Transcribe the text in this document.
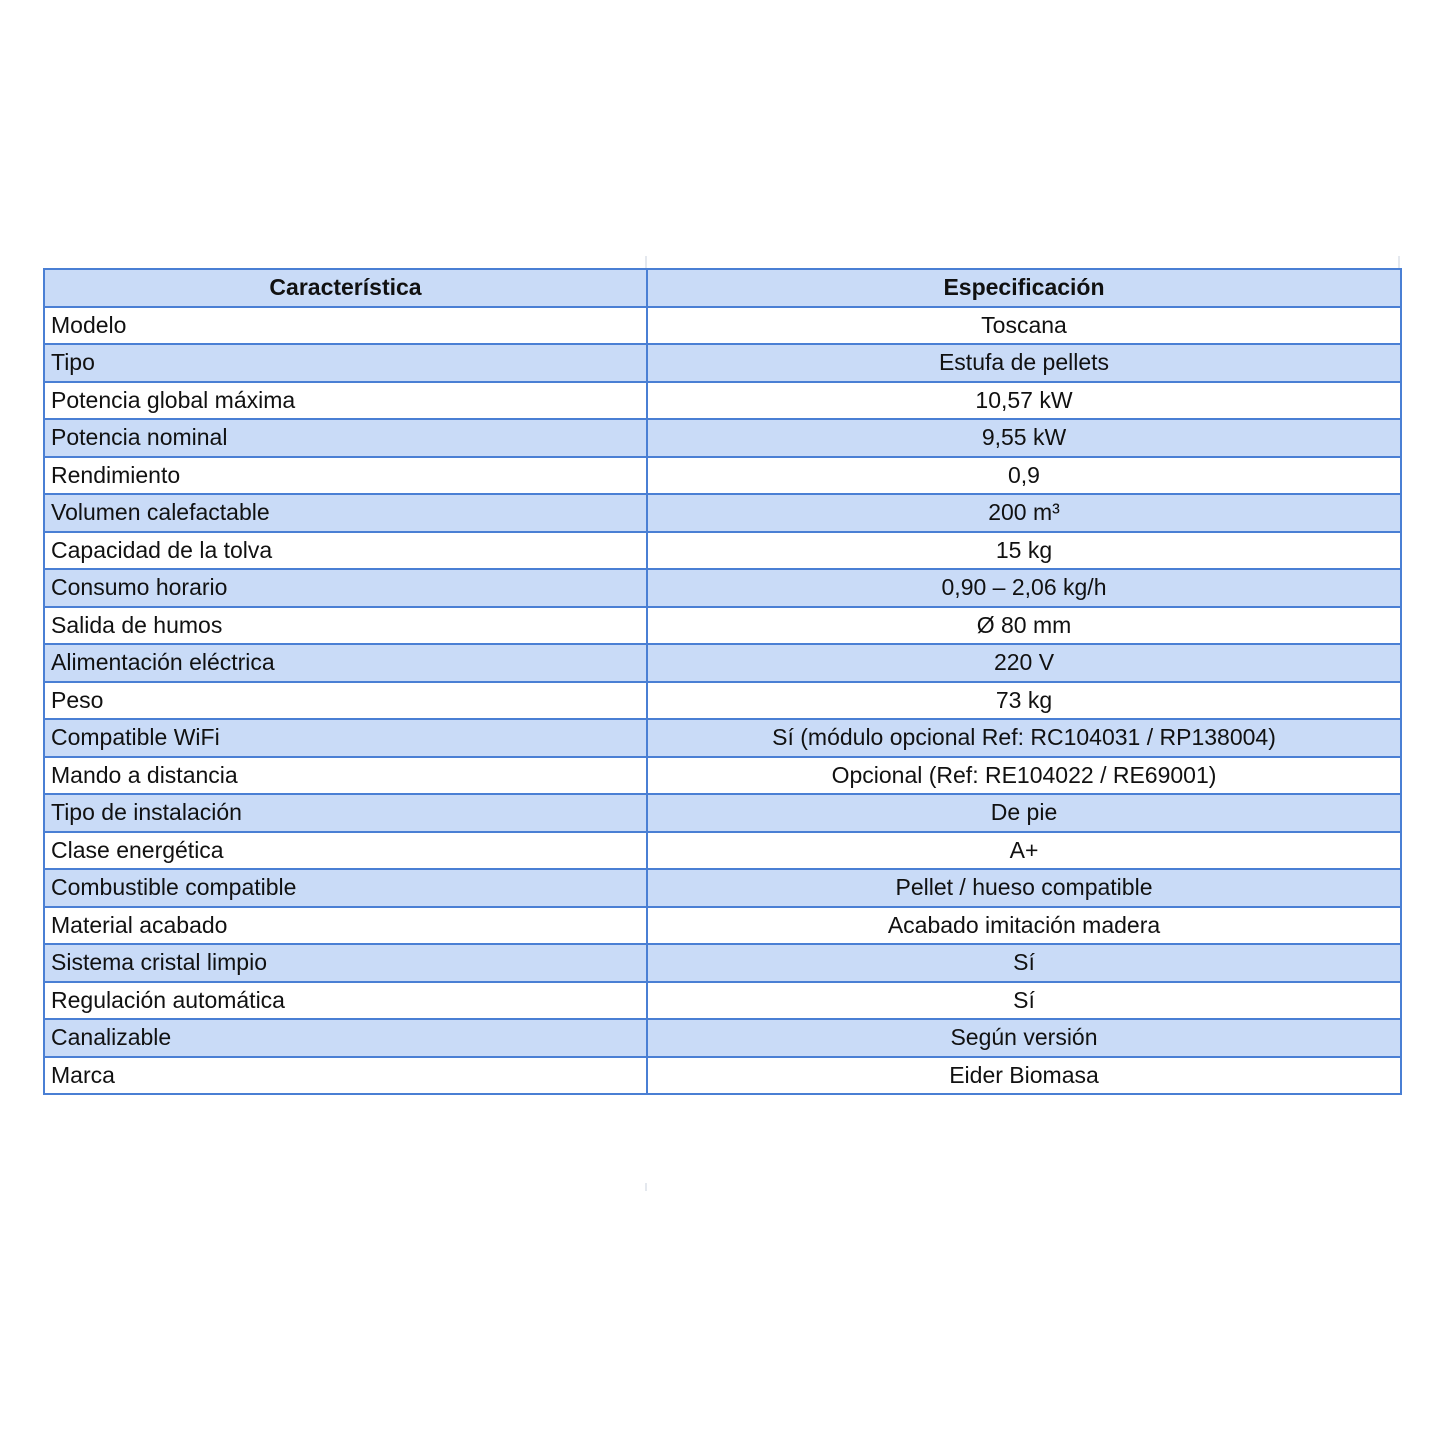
Característica	Especificación
Modelo	Toscana
Tipo	Estufa de pellets
Potencia global máxima	10,57 kW
Potencia nominal	9,55 kW
Rendimiento	0,9
Volumen calefactable	200 m³
Capacidad de la tolva	15 kg
Consumo horario	0,90 – 2,06 kg/h
Salida de humos	Ø 80 mm
Alimentación eléctrica	220 V
Peso	73 kg
Compatible WiFi	Sí (módulo opcional Ref: RC104031 / RP138004)
Mando a distancia	Opcional (Ref: RE104022 / RE69001)
Tipo de instalación	De pie
Clase energética	A+
Combustible compatible	Pellet / hueso compatible
Material acabado	Acabado imitación madera
Sistema cristal limpio	Sí
Regulación automática	Sí
Canalizable	Según versión
Marca	Eider Biomasa
